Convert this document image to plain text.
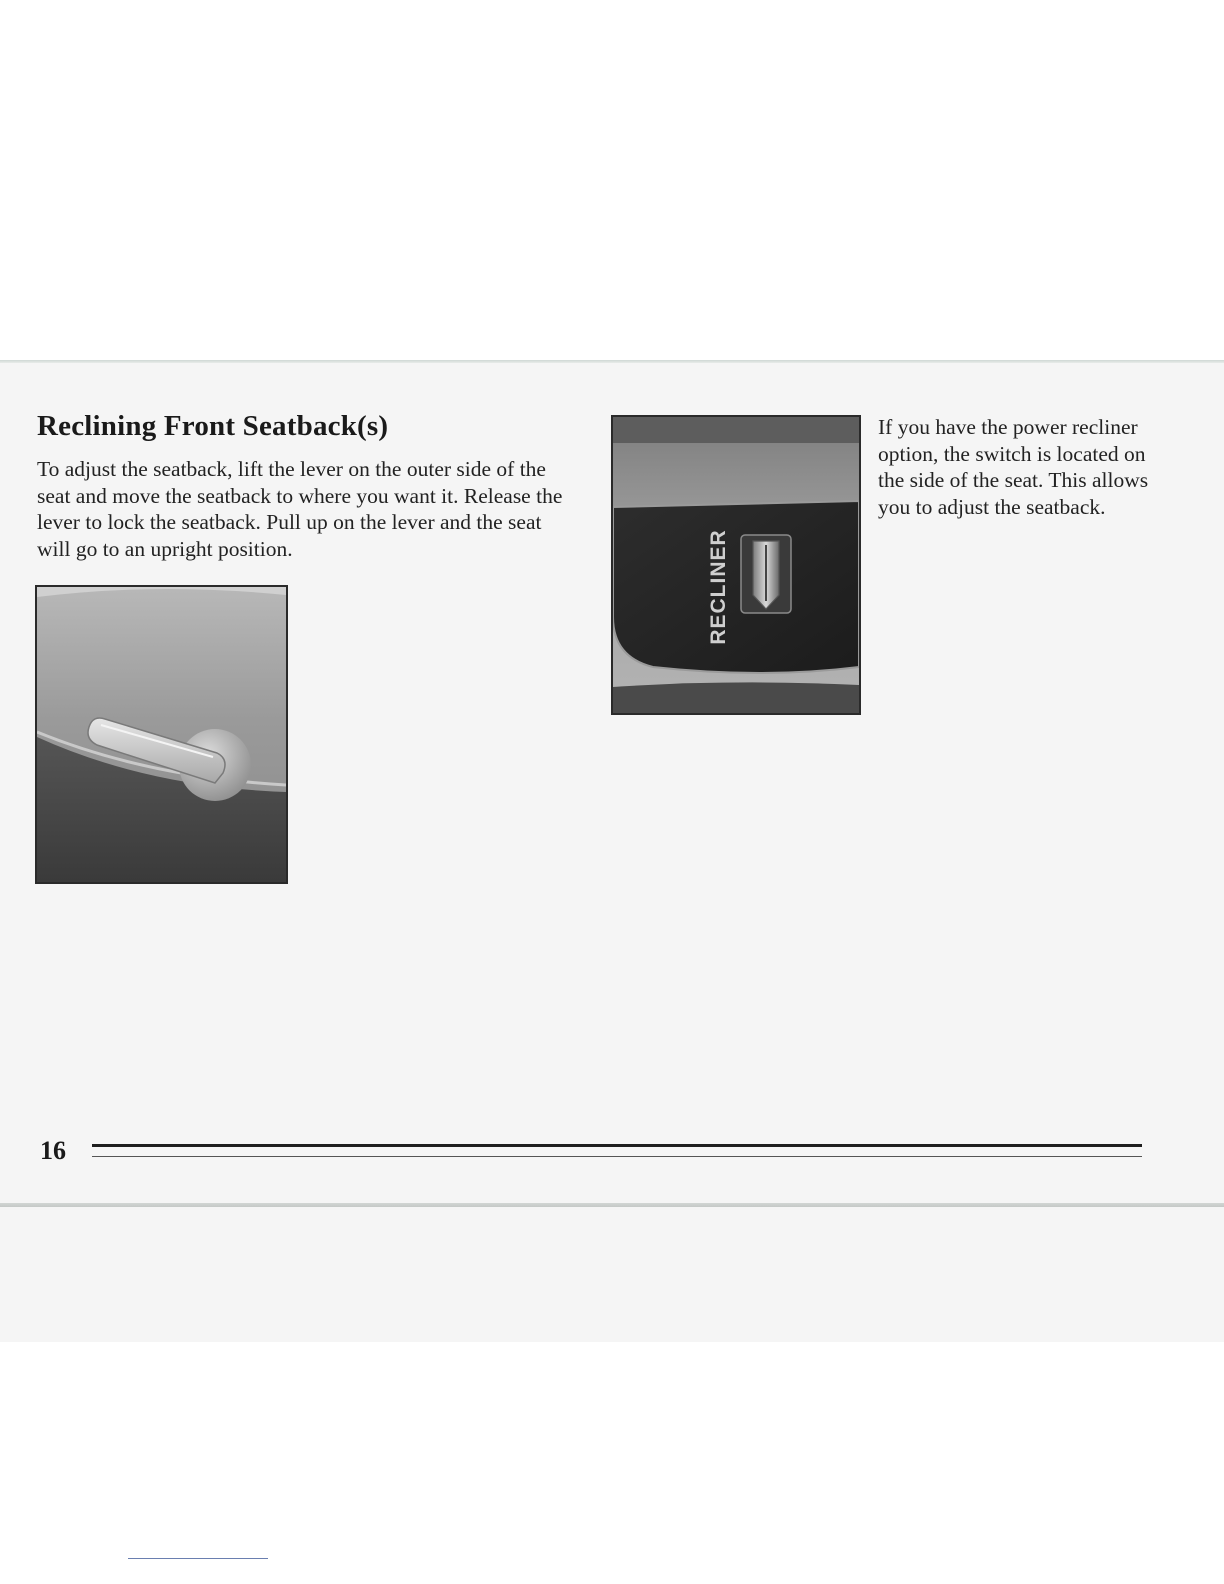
Reclining Front Seatback(s)

To adjust the seatback, lift the lever on the outer side of the seat and move the seatback to where you want it. Release the lever to lock the seatback. Pull up on the lever and the seat will go to an upright position.	RECLINER

If you have the power recliner option, the switch is located on the side of the seat. This allows you to adjust the seatback.

16
